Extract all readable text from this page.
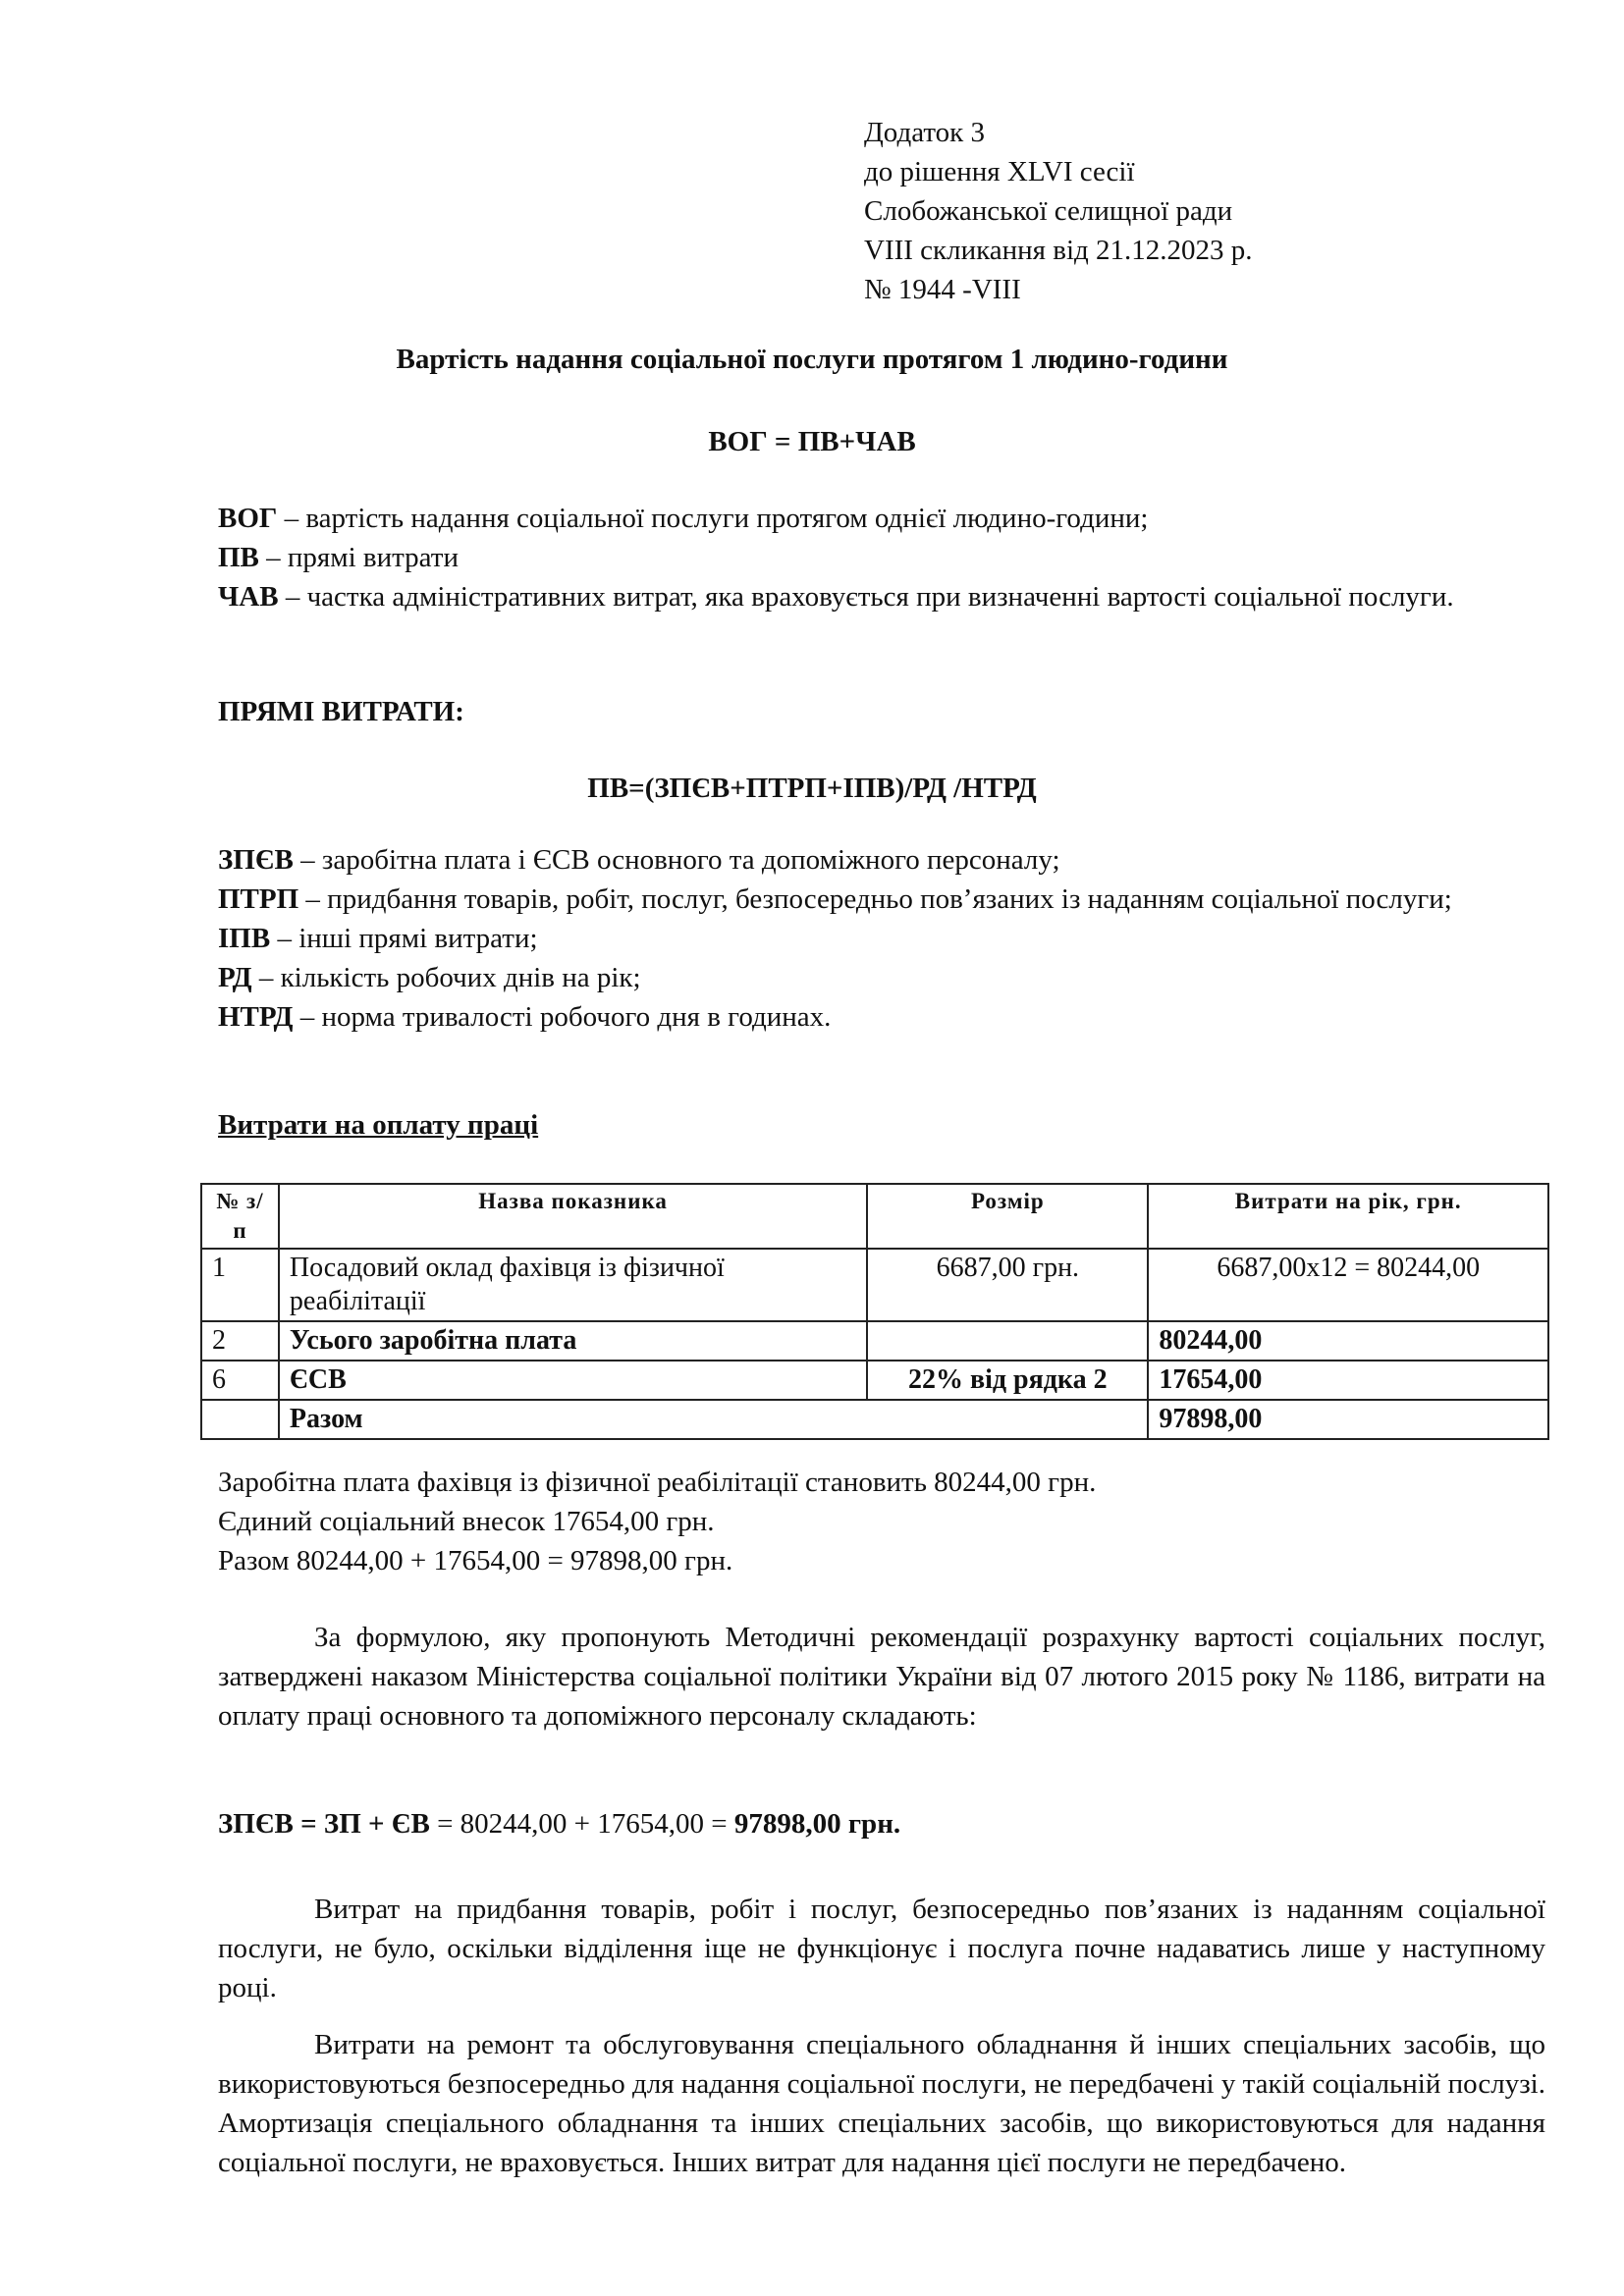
Додаток 3
до рішення XLVI сесії
Слобожанської селищної ради
VIII скликання від 21.12.2023 р.
№ 1944 -VIII
Вартість надання соціальної послуги протягом 1 людино-години
ВОГ = ПВ+ЧАВ
ВОГ – вартість надання соціальної послуги протягом однієї людино-години;
ПВ – прямі витрати
ЧАВ – частка адміністративних витрат, яка враховується при визначенні вартості соціальної послуги.
ПРЯМІ ВИТРАТИ:
ПВ=(ЗПЄВ+ПТРП+ІПВ)/РД /НТРД
ЗПЄВ – заробітна плата і ЄСВ основного та допоміжного персоналу;
ПТРП – придбання товарів, робіт, послуг, безпосередньо пов’язаних із наданням соціальної послуги;
ІПВ – інші прямі витрати;
РД – кількість робочих днів на рік;
НТРД – норма тривалості робочого дня в годинах.
Витрати на оплату праці
№ з/п	Назва показника	Розмір	Витрати на рік, грн.
1	Посадовий оклад фахівця із фізичної реабілітації	6687,00 грн.	6687,00х12 = 80244,00
2	Усього заробітна плата		80244,00
6	ЄСВ	22% від рядка 2	17654,00
	Разом		97898,00
Заробітна плата фахівця із фізичної реабілітації становить 80244,00 грн.
Єдиний соціальний внесок 17654,00 грн.
Разом 80244,00 + 17654,00 = 97898,00 грн.
За формулою, яку пропонують Методичні рекомендації розрахунку вартості соціальних послуг, затверджені наказом Міністерства соціальної політики України від 07 лютого 2015 року № 1186, витрати на оплату праці основного та допоміжного персоналу складають:
ЗПЄВ = ЗП + ЄВ = 80244,00 + 17654,00 = 97898,00 грн.
Витрат на придбання товарів, робіт і послуг, безпосередньо пов’язаних із наданням соціальної послуги, не було, оскільки відділення іще не функціонує і послуга почне надаватись лише у наступному році.
Витрати на ремонт та обслуговування спеціального обладнання й інших спеціальних засобів, що використовуються безпосередньо для надання соціальної послуги, не передбачені у такій соціальній послузі. Амортизація спеціального обладнання та інших спеціальних засобів, що використовуються для надання соціальної послуги, не враховується. Інших витрат для надання цієї послуги не передбачено.
